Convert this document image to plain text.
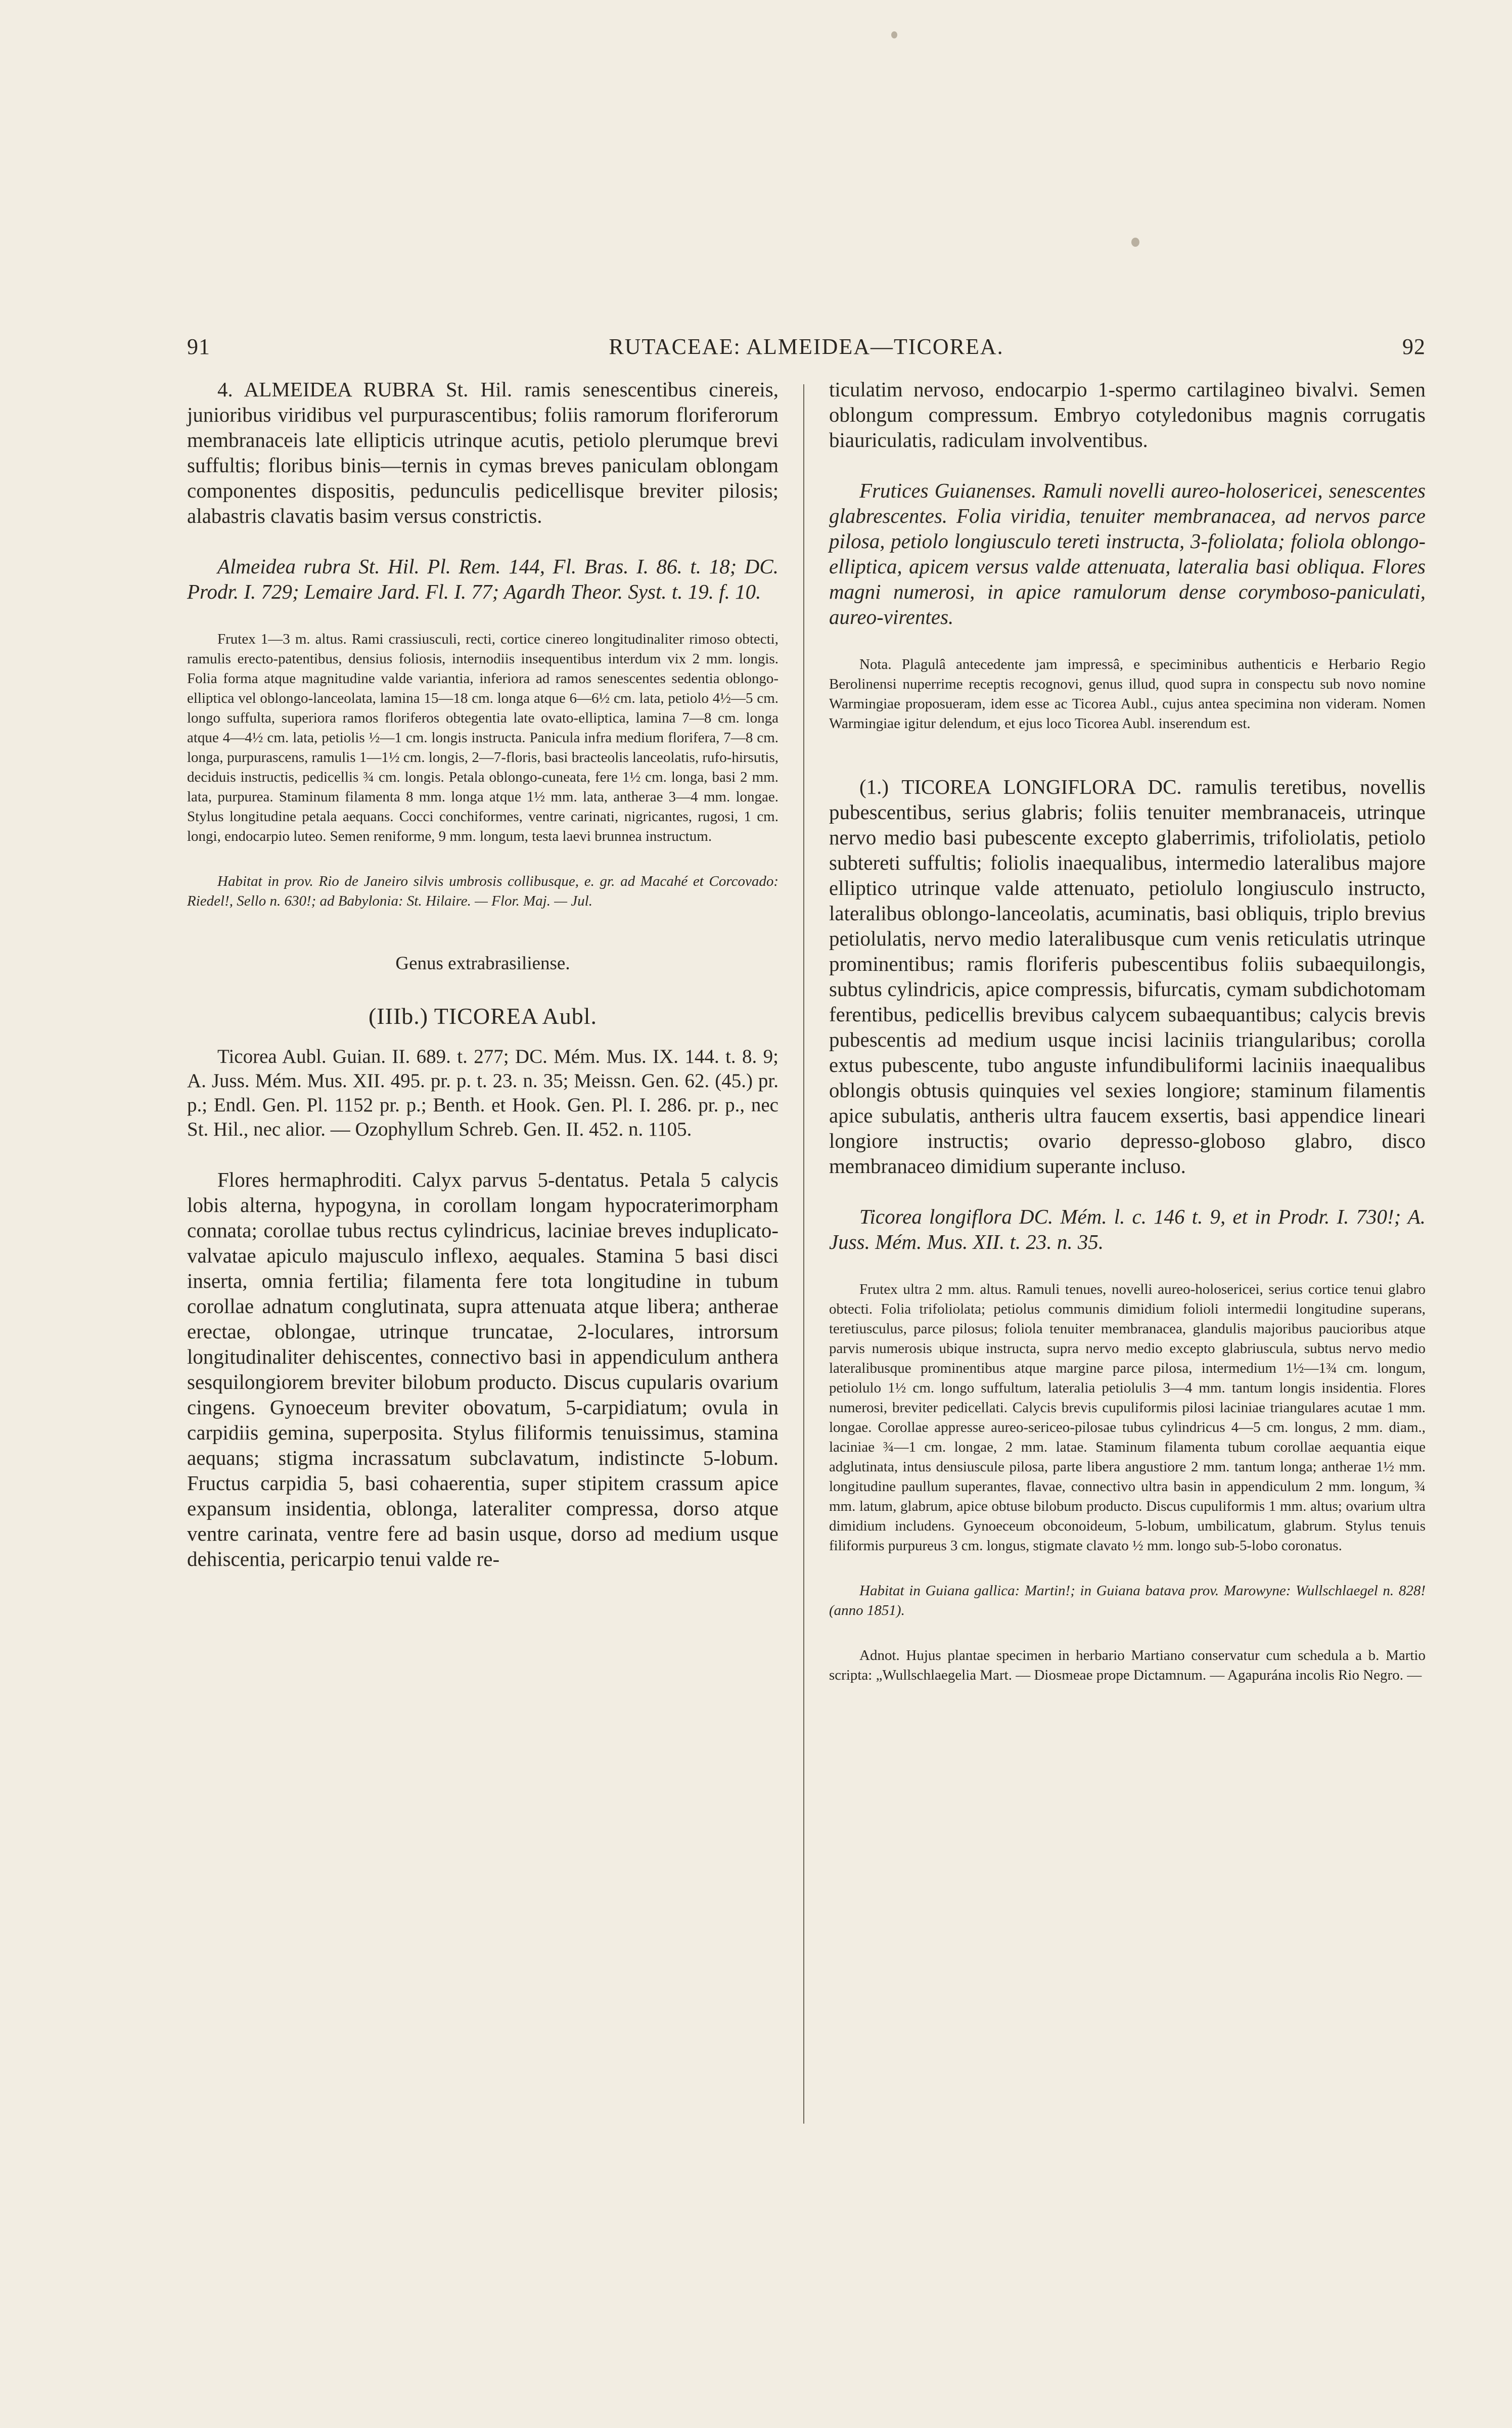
91	RUTACEAE: ALMEIDEA—TICOREA.	92

4. ALMEIDEA RUBRA St. Hil. ramis senescentibus cinereis, junioribus viridibus vel purpurascentibus; foliis ramorum floriferorum membranaceis late ellipticis utrinque acutis, petiolo plerumque brevi suffultis; floribus binis—ternis in cymas breves paniculam oblongam componentes dispositis, pedunculis pedicellisque breviter pilosis; alabastris clavatis basim versus constrictis.

Almeidea rubra St. Hil. Pl. Rem. 144, Fl. Bras. I. 86. t. 18; DC. Prodr. I. 729; Lemaire Jard. Fl. I. 77; Agardh Theor. Syst. t. 19. f. 10.

Frutex 1—3 m. altus. Rami crassiusculi, recti, cortice cinereo longitudinaliter rimoso obtecti, ramulis erecto-patentibus, densius foliosis, internodiis insequentibus interdum vix 2 mm. longis. Folia forma atque magnitudine valde variantia, inferiora ad ramos senescentes sedentia oblongo-elliptica vel oblongo-lanceolata, lamina 15—18 cm. longa atque 6—6½ cm. lata, petiolo 4½—5 cm. longo suffulta, superiora ramos floriferos obtegentia late ovato-elliptica, lamina 7—8 cm. longa atque 4—4½ cm. lata, petiolis ½—1 cm. longis instructa. Panicula infra medium florifera, 7—8 cm. longa, purpurascens, ramulis 1—1½ cm. longis, 2—7-floris, basi bracteolis lanceolatis, rufo-hirsutis, deciduis instructis, pedicellis ¾ cm. longis. Petala oblongo-cuneata, fere 1½ cm. longa, basi 2 mm. lata, purpurea. Staminum filamenta 8 mm. longa atque 1½ mm. lata, antherae 3—4 mm. longae. Stylus longitudine petala aequans. Cocci conchiformes, ventre carinati, nigricantes, rugosi, 1 cm. longi, endocarpio luteo. Semen reniforme, 9 mm. longum, testa laevi brunnea instructum.

Habitat in prov. Rio de Janeiro silvis umbrosis collibusque, e. gr. ad Macahé et Corcovado: Riedel!, Sello n. 630!; ad Babylonia: St. Hilaire. — Flor. Maj. — Jul.

Genus extrabrasiliense.

(IIIb.) TICOREA Aubl.

Ticorea Aubl. Guian. II. 689. t. 277; DC. Mém. Mus. IX. 144. t. 8. 9; A. Juss. Mém. Mus. XII. 495. pr. p. t. 23. n. 35; Meissn. Gen. 62. (45.) pr. p.; Endl. Gen. Pl. 1152 pr. p.; Benth. et Hook. Gen. Pl. I. 286. pr. p., nec St. Hil., nec alior. — Ozophyllum Schreb. Gen. II. 452. n. 1105.

Flores hermaphroditi. Calyx parvus 5-dentatus. Petala 5 calycis lobis alterna, hypogyna, in corollam longam hypocraterimorpham connata; corollae tubus rectus cylindricus, laciniae breves induplicato-valvatae apiculo majusculo inflexo, aequales. Stamina 5 basi disci inserta, omnia fertilia; filamenta fere tota longitudine in tubum corollae adnatum conglutinata, supra attenuata atque libera; antherae erectae, oblongae, utrinque truncatae, 2-loculares, introrsum longitudinaliter dehiscentes, connectivo basi in appendiculum anthera sesquilongiorem breviter bilobum producto. Discus cupularis ovarium cingens. Gynoeceum breviter obovatum, 5-carpidiatum; ovula in carpidiis gemina, superposita. Stylus filiformis tenuissimus, stamina aequans; stigma incrassatum subclavatum, indistincte 5-lobum. Fructus carpidia 5, basi cohaerentia, super stipitem crassum apice expansum insidentia, oblonga, lateraliter compressa, dorso atque ventre carinata, ventre fere ad basin usque, dorso ad medium usque dehiscentia, pericarpio tenui valde re-

ticulatim nervoso, endocarpio 1-spermo cartilagineo bivalvi. Semen oblongum compressum. Embryo cotyledonibus magnis corrugatis biauriculatis, radiculam involventibus.

Frutices Guianenses. Ramuli novelli aureo-holosericei, senescentes glabrescentes. Folia viridia, tenuiter membranacea, ad nervos parce pilosa, petiolo longiusculo tereti instructa, 3-foliolata; foliola oblongo-elliptica, apicem versus valde attenuata, lateralia basi obliqua. Flores magni numerosi, in apice ramulorum dense corymboso-paniculati, aureo-virentes.

Nota. Plagulâ antecedente jam impressâ, e speciminibus authenticis e Herbario Regio Berolinensi nuperrime receptis recognovi, genus illud, quod supra in conspectu sub novo nomine Warmingiae proposueram, idem esse ac Ticorea Aubl., cujus antea specimina non videram. Nomen Warmingiae igitur delendum, et ejus loco Ticorea Aubl. inserendum est.

(1.) TICOREA LONGIFLORA DC. ramulis teretibus, novellis pubescentibus, serius glabris; foliis tenuiter membranaceis, utrinque nervo medio basi pubescente excepto glaberrimis, trifoliolatis, petiolo subtereti suffultis; foliolis inaequalibus, intermedio lateralibus majore elliptico utrinque valde attenuato, petiolulo longiusculo instructo, lateralibus oblongo-lanceolatis, acuminatis, basi obliquis, triplo brevius petiolulatis, nervo medio lateralibusque cum venis reticulatis utrinque prominentibus; ramis floriferis pubescentibus foliis subaequilongis, subtus cylindricis, apice compressis, bifurcatis, cymam subdichotomam ferentibus, pedicellis brevibus calycem subaequantibus; calycis brevis pubescentis ad medium usque incisi laciniis triangularibus; corolla extus pubescente, tubo anguste infundibuliformi laciniis inaequalibus oblongis obtusis quinquies vel sexies longiore; staminum filamentis apice subulatis, antheris ultra faucem exsertis, basi appendice lineari longiore instructis; ovario depresso-globoso glabro, disco membranaceo dimidium superante incluso.

Ticorea longiflora DC. Mém. l. c. 146 t. 9, et in Prodr. I. 730!; A. Juss. Mém. Mus. XII. t. 23. n. 35.

Frutex ultra 2 mm. altus. Ramuli tenues, novelli aureo-holosericei, serius cortice tenui glabro obtecti. Folia trifoliolata; petiolus communis dimidium folioli intermedii longitudine superans, teretiusculus, parce pilosus; foliola tenuiter membranacea, glandulis majoribus paucioribus atque parvis numerosis ubique instructa, supra nervo medio excepto glabriuscula, subtus nervo medio lateralibusque prominentibus atque margine parce pilosa, intermedium 1½—1¾ cm. longum, petiolulo 1½ cm. longo suffultum, lateralia petiolulis 3—4 mm. tantum longis insidentia. Flores numerosi, breviter pedicellati. Calycis brevis cupuliformis pilosi laciniae triangulares acutae 1 mm. longae. Corollae appresse aureo-sericeo-pilosae tubus cylindricus 4—5 cm. longus, 2 mm. diam., laciniae ¾—1 cm. longae, 2 mm. latae. Staminum filamenta tubum corollae aequantia eique adglutinata, intus densiuscule pilosa, parte libera angustiore 2 mm. tantum longa; antherae 1½ mm. longitudine paullum superantes, flavae, connectivo ultra basin in appendiculum 2 mm. longum, ¾ mm. latum, glabrum, apice obtuse bilobum producto. Discus cupuliformis 1 mm. altus; ovarium ultra dimidium includens. Gynoeceum obconoideum, 5-lobum, umbilicatum, glabrum. Stylus tenuis filiformis purpureus 3 cm. longus, stigmate clavato ½ mm. longo sub-5-lobo coronatus.

Habitat in Guiana gallica: Martin!; in Guiana batava prov. Marowyne: Wullschlaegel n. 828! (anno 1851).

Adnot. Hujus plantae specimen in herbario Martiano conservatur cum schedula a b. Martio scripta: „Wullschlaegelia Mart. — Diosmeae prope Dictamnum. — Agapurána incolis Rio Negro. —
